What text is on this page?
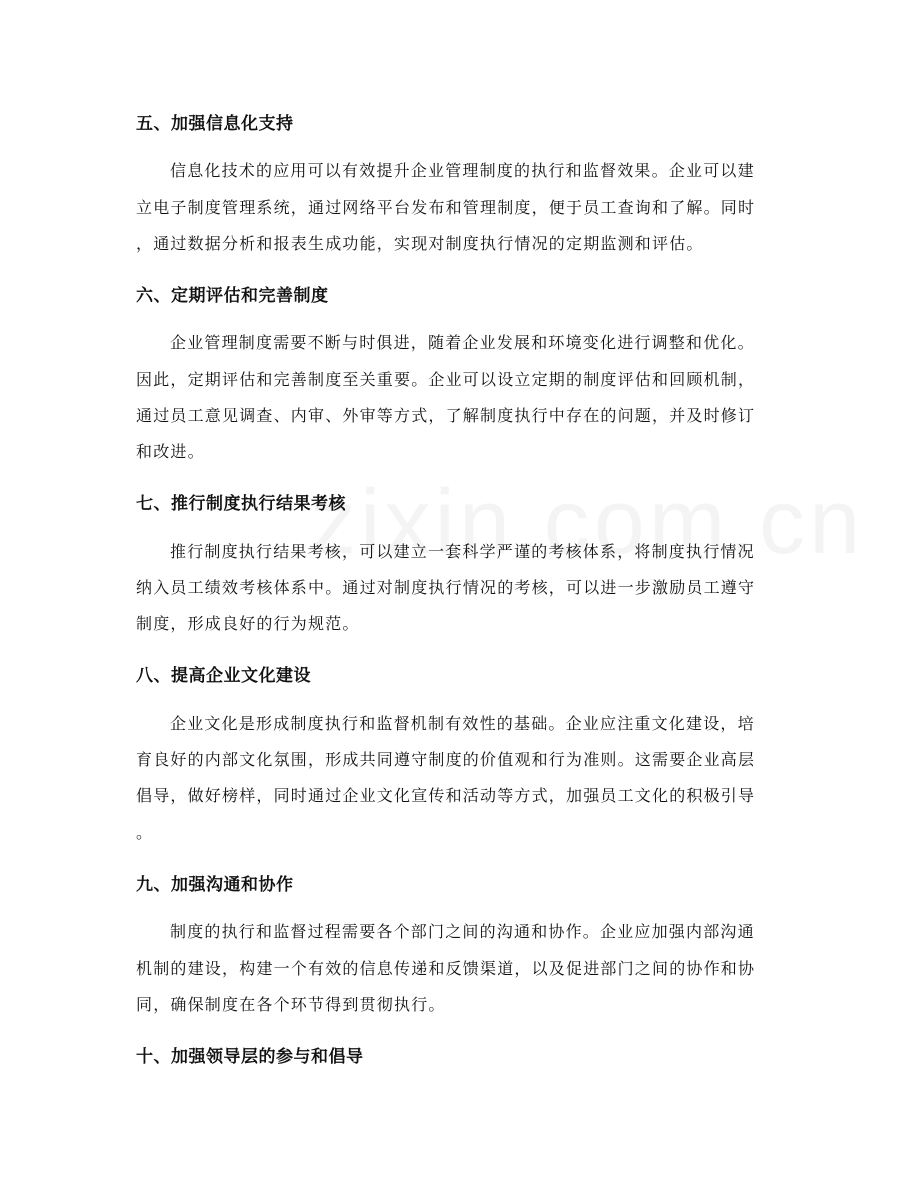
五、加强信息化支持
信息化技术的应用可以有效提升企业管理制度的执行和监督效果。企业可以建
立电子制度管理系统，通过网络平台发布和管理制度，便于员工查询和了解。同时
，通过数据分析和报表生成功能，实现对制度执行情况的定期监测和评估。
六、定期评估和完善制度
企业管理制度需要不断与时俱进，随着企业发展和环境变化进行调整和优化。
因此，定期评估和完善制度至关重要。企业可以设立定期的制度评估和回顾机制，
通过员工意见调查、内审、外审等方式，了解制度执行中存在的问题，并及时修订
和改进。
七、推行制度执行结果考核
推行制度执行结果考核，可以建立一套科学严谨的考核体系，将制度执行情况
纳入员工绩效考核体系中。通过对制度执行情况的考核，可以进一步激励员工遵守
制度，形成良好的行为规范。
八、提高企业文化建设
企业文化是形成制度执行和监督机制有效性的基础。企业应注重文化建设，培
育良好的内部文化氛围，形成共同遵守制度的价值观和行为准则。这需要企业高层
倡导，做好榜样，同时通过企业文化宣传和活动等方式，加强员工文化的积极引导
。
九、加强沟通和协作
制度的执行和监督过程需要各个部门之间的沟通和协作。企业应加强内部沟通
机制的建设，构建一个有效的信息传递和反馈渠道，以及促进部门之间的协作和协
同，确保制度在各个环节得到贯彻执行。
十、加强领导层的参与和倡导
